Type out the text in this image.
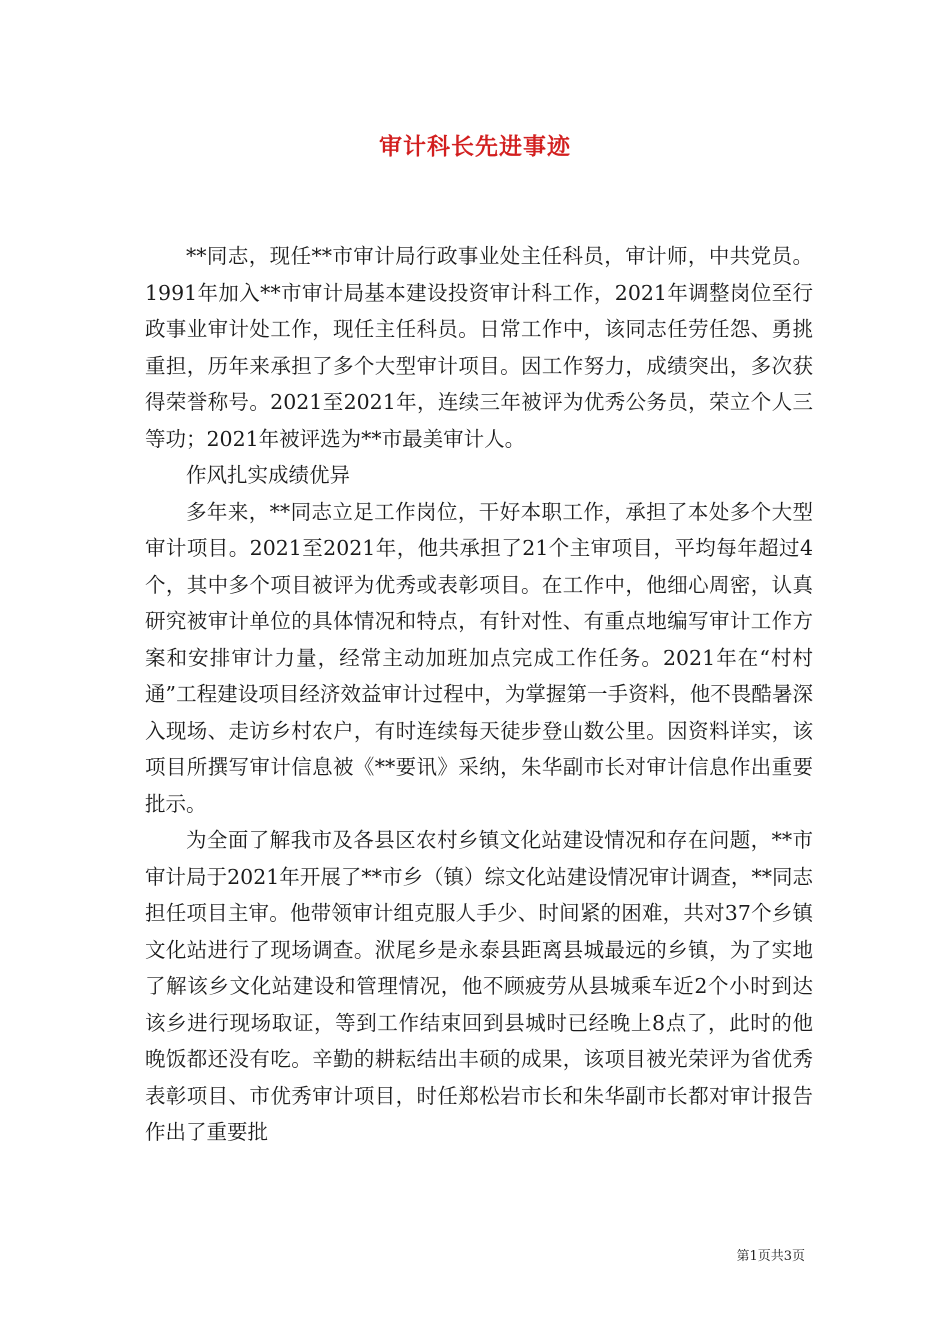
审计科长先进事迹

**同志，现任**市审计局行政事业处主任科员，审计师，中共党员。1991年加入**市审计局基本建设投资审计科工作，2021年调整岗位至行政事业审计处工作，现任主任科员。日常工作中，该同志任劳任怨、勇挑重担，历年来承担了多个大型审计项目。因工作努力，成绩突出，多次获得荣誉称号。2021至2021年，连续三年被评为优秀公务员，荣立个人三等功；2021年被评选为**市最美审计人。

作风扎实成绩优异

多年来，**同志立足工作岗位，干好本职工作，承担了本处多个大型审计项目。2021至2021年，他共承担了21个主审项目，平均每年超过4个，其中多个项目被评为优秀或表彰项目。在工作中，他细心周密，认真研究被审计单位的具体情况和特点，有针对性、有重点地编写审计工作方案和安排审计力量，经常主动加班加点完成工作任务。2021年在“村村通”工程建设项目经济效益审计过程中，为掌握第一手资料，他不畏酷暑深入现场、走访乡村农户，有时连续每天徒步登山数公里。因资料详实，该项目所撰写审计信息被《**要讯》采纳，朱华副市长对审计信息作出重要批示。

为全面了解我市及各县区农村乡镇文化站建设情况和存在问题，**市审计局于2021年开展了**市乡（镇）综文化站建设情况审计调查，**同志担任项目主审。他带领审计组克服人手少、时间紧的困难，共对37个乡镇文化站进行了现场调查。洑尾乡是永泰县距离县城最远的乡镇，为了实地了解该乡文化站建设和管理情况，他不顾疲劳从县城乘车近2个小时到达该乡进行现场取证，等到工作结束回到县城时已经晚上8点了，此时的他晚饭都还没有吃。辛勤的耕耘结出丰硕的成果，该项目被光荣评为省优秀表彰项目、市优秀审计项目，时任郑松岩市长和朱华副市长都对审计报告作出了重要批

第1页共3页
